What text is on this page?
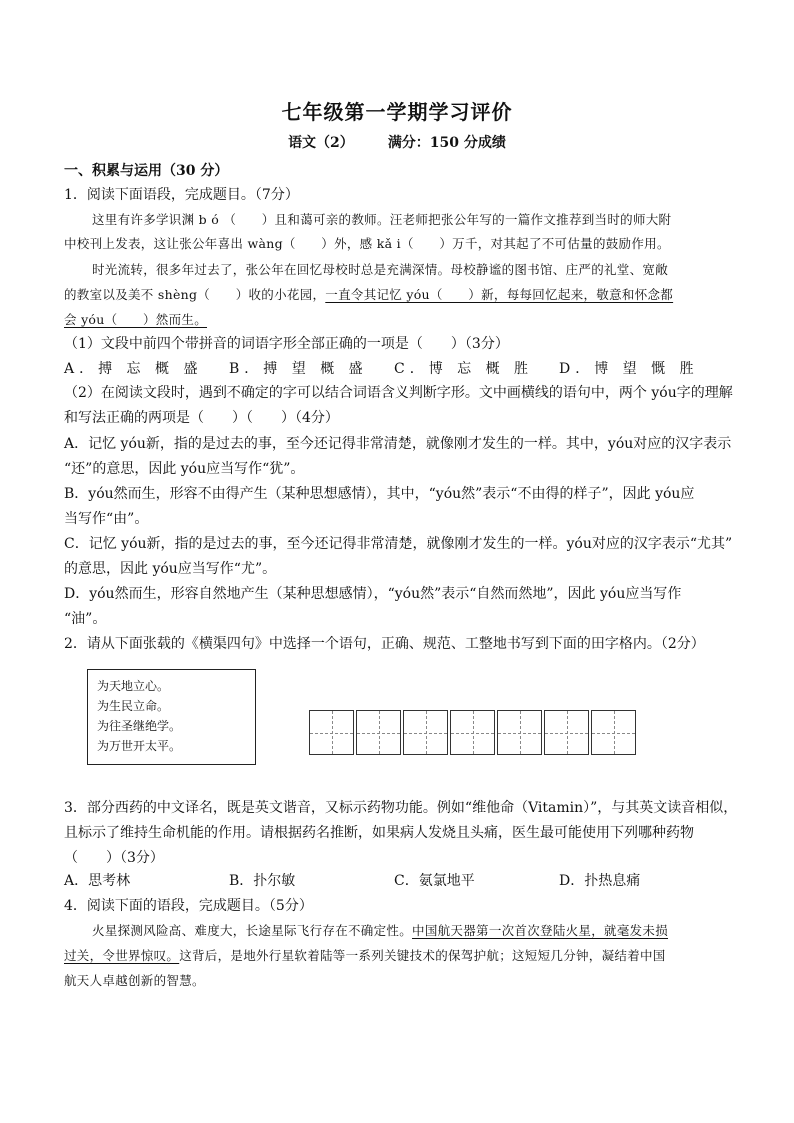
七年级第一学期学习评价
语文（2） 满分：150 分成绩
一、积累与运用（30 分）
1．阅读下面语段，完成题目。（7分）
这里有许多学识渊 b ó （　　）且和蔼可亲的教师。汪老师把张公年写的一篇作文推荐到当时的师大附
中校刊上发表，这让张公年喜出 wàng（　　）外，感 kǎ i（　　）万千，对其起了不可估量的鼓励作用。
时光流转，很多年过去了，张公年在回忆母校时总是充满深情。母校静谧的图书馆、庄严的礼堂、宽敞
的教室以及美不 shèng（　　）收的小花园，一直令其记忆 yóu（　　）新，每每回忆起来，敬意和怀念都
会 yóu（　　）然而生。
（1）文段中前四个带拼音的词语字形全部正确的一项是（　　）（3分）
A．搏 忘 概 盛	B．搏 望 概 盛	C．博 忘 概 胜	D．博 望 慨 胜
（2）在阅读文段时，遇到不确定的字可以结合词语含义判断字形。文中画横线的语句中，两个 yóu字的理解
和写法正确的两项是（　　）（　　）（4分）
A．记忆 yóu新，指的是过去的事，至今还记得非常清楚，就像刚才发生的一样。其中，yóu对应的汉字表示
“还”的意思，因此 yóu应当写作“犹”。
B．yóu然而生，形容不由得产生（某种思想感情），其中，“yóu然”表示“不由得的样子”，因此 yóu应
当写作“由”。
C．记忆 yóu新，指的是过去的事，至今还记得非常清楚，就像刚才发生的一样。yóu对应的汉字表示“尤其”
的意思，因此 yóu应当写作“尤”。
D．yóu然而生，形容自然地产生（某种思想感情），“yóu然”表示“自然而然地”，因此 yóu应当写作
“油”。
2．请从下面张载的《横渠四句》中选择一个语句，正确、规范、工整地书写到下面的田字格内。（2分）
为天地立心。
为生民立命。
为往圣继绝学。
为万世开太平。
3．部分西药的中文译名，既是英文谐音，又标示药物功能。例如“维他命（Vitamin）”，与其英文读音相似，
且标示了维持生命机能的作用。请根据药名推断，如果病人发烧且头痛，医生最可能使用下列哪种药物
（　　）（3分）
A．思考林	B．扑尔敏	C．氨氯地平	D．扑热息痛
4．阅读下面的语段，完成题目。（5分）
火星探测风险高、难度大，长途星际飞行存在不确定性。中国航天器第一次首次登陆火星，就毫发未损
过关，令世界惊叹。这背后，是地外行星软着陆等一系列关键技术的保驾护航；这短短几分钟，凝结着中国
航天人卓越创新的智慧。
